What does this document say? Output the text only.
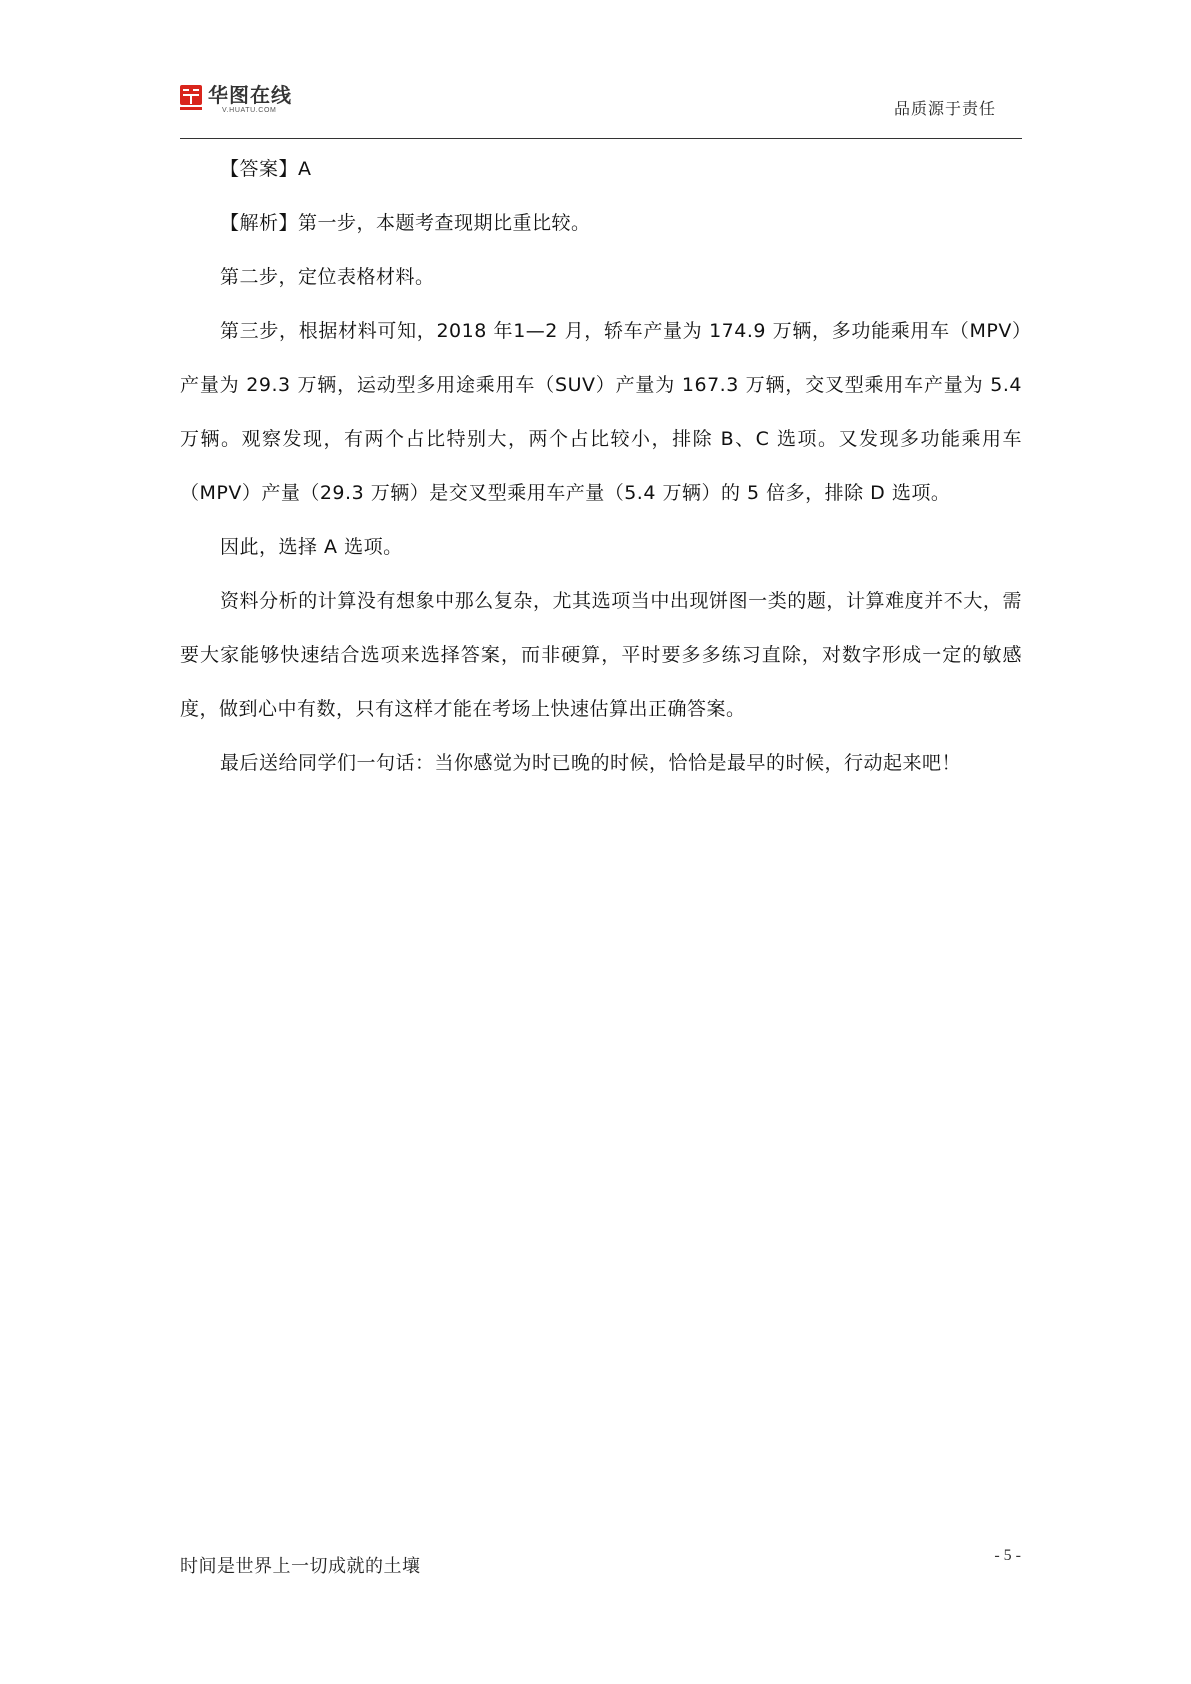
华图在线
V.HUATU.COM	品质源于责任

【答案】A

【解析】第一步，本题考查现期比重比较。

第二步，定位表格材料。

第三步，根据材料可知，2018 年1—2 月，轿车产量为 174.9 万辆，多功能乘用车（MPV）产量为 29.3 万辆，运动型多用途乘用车（SUV）产量为 167.3 万辆，交叉型乘用车产量为 5.4 万辆。观察发现，有两个占比特别大，两个占比较小，排除 B、C 选项。又发现多功能乘用车（MPV）产量（29.3 万辆）是交叉型乘用车产量（5.4 万辆）的 5 倍多，排除 D 选项。

因此，选择 A 选项。

资料分析的计算没有想象中那么复杂，尤其选项当中出现饼图一类的题，计算难度并不大，需要大家能够快速结合选项来选择答案，而非硬算，平时要多多练习直除，对数字形成一定的敏感度，做到心中有数，只有这样才能在考场上快速估算出正确答案。

最后送给同学们一句话：当你感觉为时已晚的时候，恰恰是最早的时候，行动起来吧！

时间是世界上一切成就的土壤
- 5 -
